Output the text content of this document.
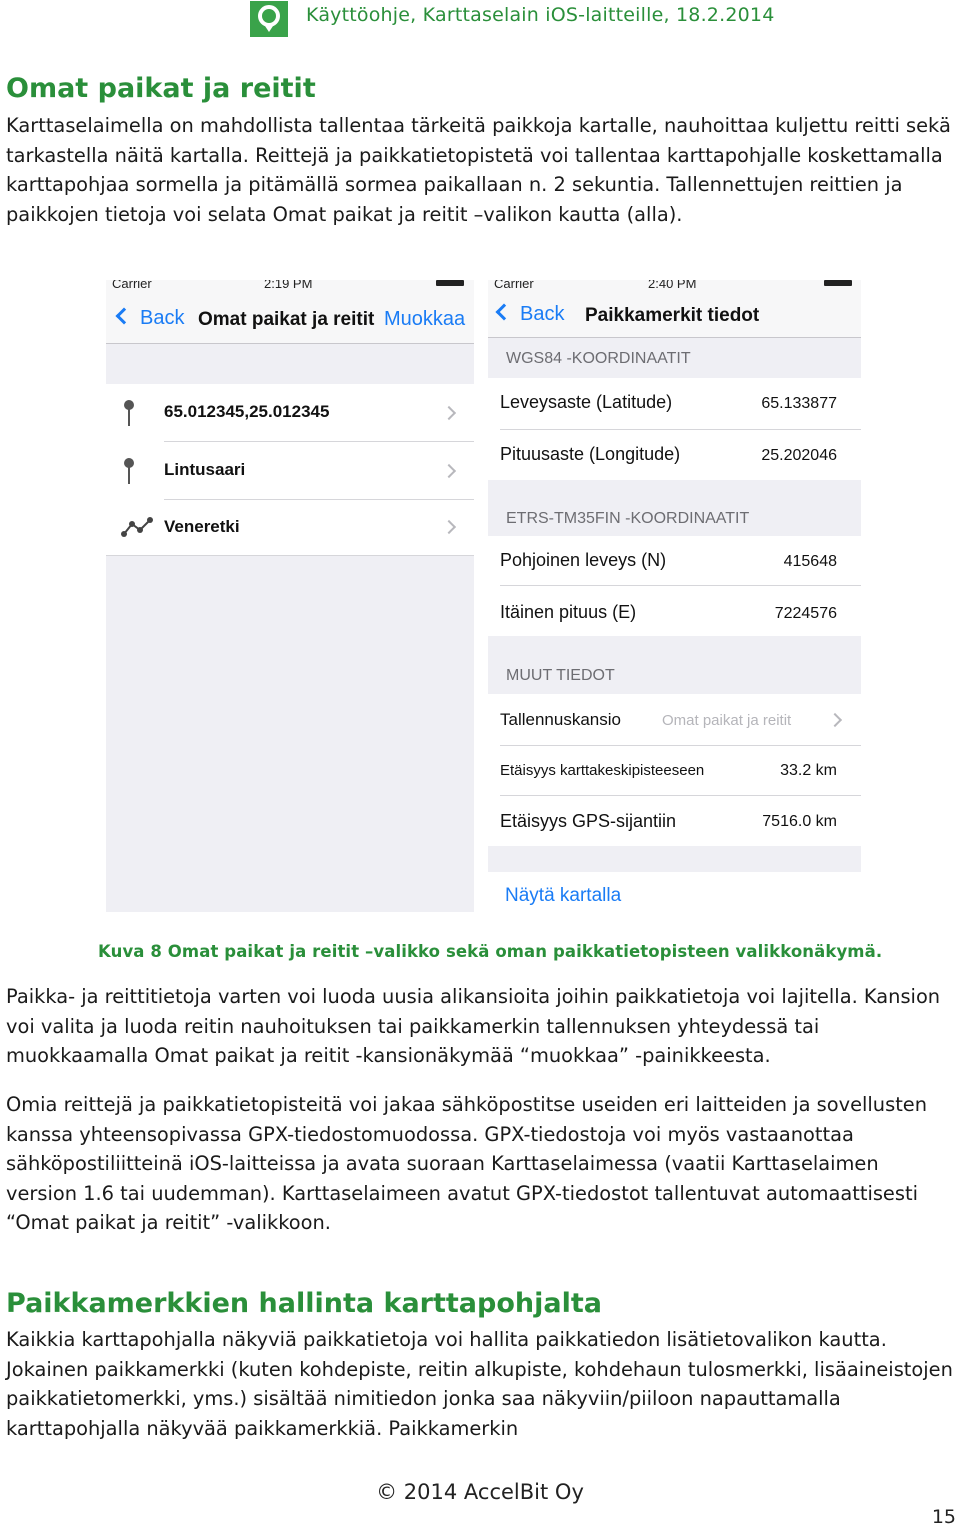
Käyttöohje, Karttaselain iOS-laitteille, 18.2.2014
Omat paikat ja reitit

Karttaselaimella on mahdollista tallentaa tärkeitä paikkoja kartalle, nauhoittaa kuljettu reitti sekä tarkastella näitä kartalla. Reittejä ja paikkatietopistetä voi tallentaa karttapohjalle koskettamalla karttapohjaa sormella ja pitämällä sormea paikallaan n. 2 sekuntia. Tallennettujen reittien ja paikkojen tietoja voi selata Omat paikat ja reitit –valikon kautta (alla).

Carrier	2:19 PM
Back Omat paikat ja reitit Muokkaa
65.012345,25.012345
Lintusaari
Veneretki
Carrier	2:40 PM
Back Paikkamerkit tiedot
WGS84 -KOORDINAATIT
Leveysaste (Latitude)	65.133877
Pituusaste (Longitude)	25.202046
ETRS-TM35FIN -KOORDINAATIT
Pohjoinen leveys (N)	415648
Itäinen pituus (E)	7224576
MUUT TIEDOT
Tallennuskansio	Omat paikat ja reitit
Etäisyys karttakeskipisteeseen	33.2 km
Etäisyys GPS-sijantiin	7516.0 km
Näytä kartalla
Kuva 8 Omat paikat ja reitit –valikko sekä oman paikkatietopisteen valikkonäkymä.

Paikka- ja reittitietoja varten voi luoda uusia alikansioita joihin paikkatietoja voi lajitella. Kansion voi valita ja luoda reitin nauhoituksen tai paikkamerkin tallennuksen yhteydessä tai muokkaamalla Omat paikat ja reitit -kansionäkymää “muokkaa” -painikkeesta.

Omia reittejä ja paikkatietopisteitä voi jakaa sähköpostitse useiden eri laitteiden ja sovellusten kanssa yhteensopivassa GPX-tiedostomuodossa. GPX-tiedostoja voi myös vastaanottaa sähköpostiliitteinä iOS-laitteissa ja avata suoraan Karttaselaimessa (vaatii Karttaselaimen version 1.6 tai uudemman). Karttaselaimeen avatut GPX-tiedostot tallentuvat automaattisesti “Omat paikat ja reitit” -valikkoon.

Paikkamerkkien hallinta karttapohjalta

Kaikkia karttapohjalla näkyviä paikkatietoja voi hallita paikkatiedon lisätietovalikon kautta. Jokainen paikkamerkki (kuten kohdepiste, reitin alkupiste, kohdehaun tulosmerkki, lisäaineistojen paikkatietomerkki, yms.) sisältää nimitiedon jonka saa näkyviin/piiloon napauttamalla karttapohjalla näkyvää paikkamerkkiä. Paikkamerkin

© 2014 AccelBit Oy
15
